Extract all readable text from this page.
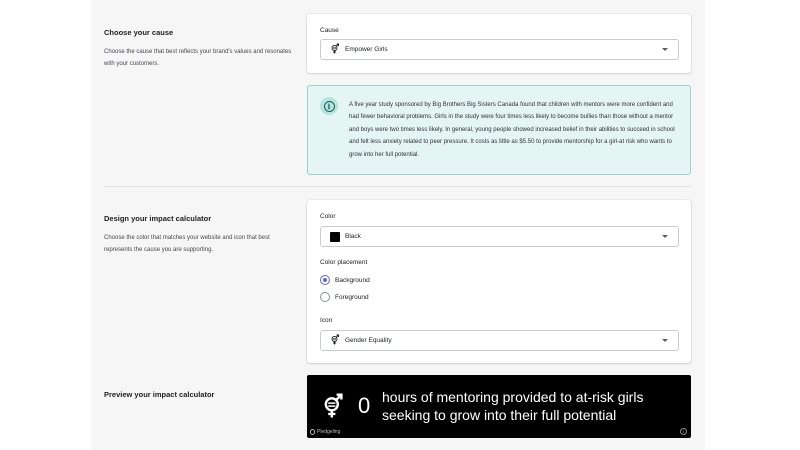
Choose your cause
Choose the cause that best reflects your brand's values and resonates with your customers.
Cause
Empower Girls
i	A five year study sponsored by Big Brothers Big Sisters Canada found that children with mentors were more confident and had fewer behavioral problems. Girls in the study were four times less likely to become bullies than those without a mentor and boys were two times less likely. In general, young people showed increased belief in their abilities to succeed in school and felt less anxiety related to peer pressure. It costs as little as $5.50 to provide mentorship for a girl-at risk who wants to grow into her full potential.
Design your impact calculator
Choose the color that matches your website and icon that best represents the cause you are supporting.
Color
Black
Color placement
Background
Foreground
Icon
Gender Equality
Preview your impact calculator	0 hours of mentoring provided to at-risk girls seeking to grow into their full potential
Pledgeling	i
